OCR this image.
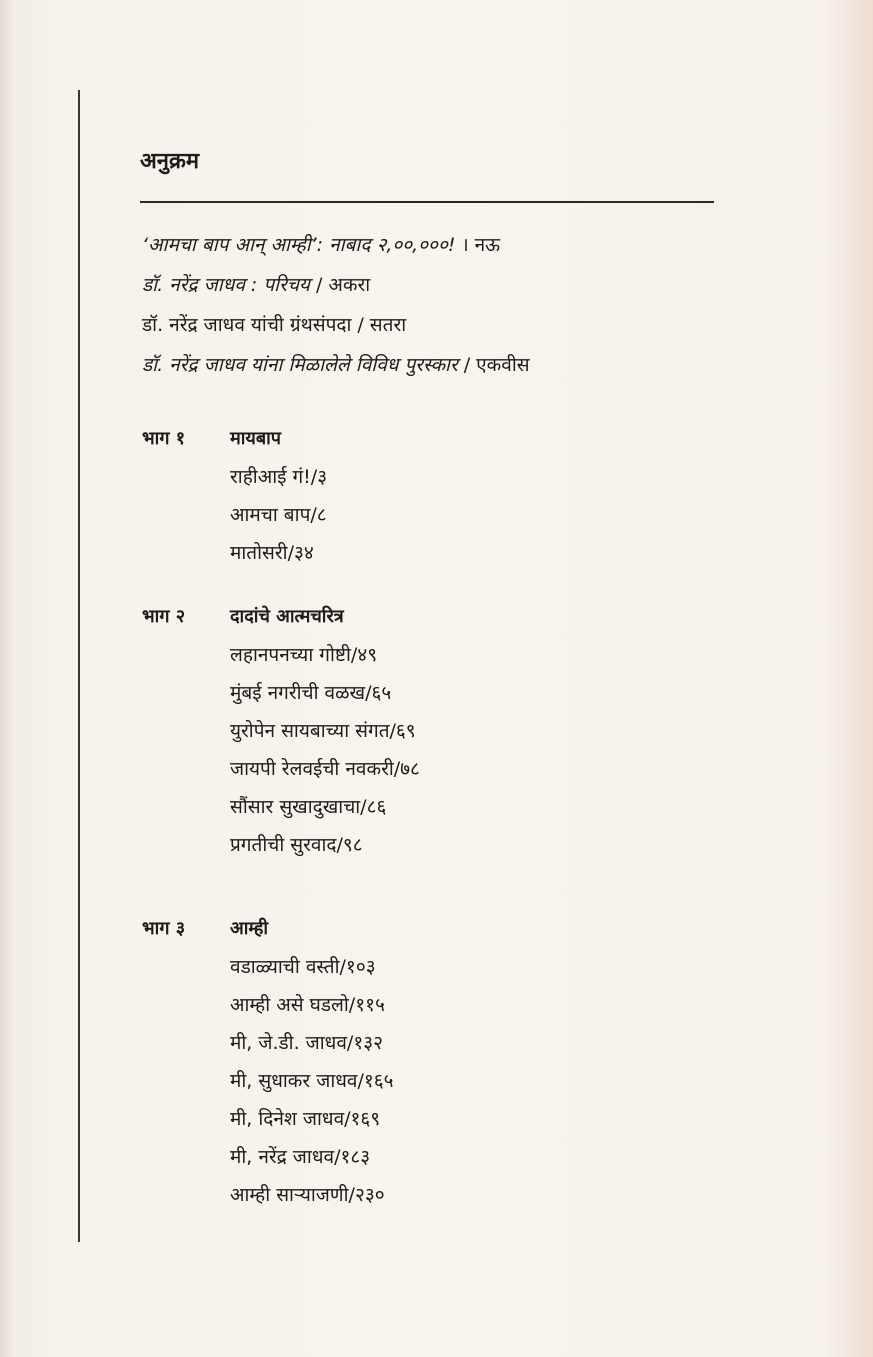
अनुक्रम
‘आमचा बाप आन् आम्ही’: नाबाद २,००,०००! । नऊ
डॉ. नरेंद्र जाधव : परिचय / अकरा
डॉ. नरेंद्र जाधव यांची ग्रंथसंपदा / सतरा
डॉ. नरेंद्र जाधव यांना मिळालेले विविध पुरस्कार / एकवीस
भाग १ मायबाप
राहीआई गं!/३
आमचा बाप/८
मातोसरी/३४
भाग २ दादांचे आत्मचरित्र
लहानपनच्या गोष्टी/४९
मुंबई नगरीची वळख/६५
युरोपेन सायबाच्या संगत/६९
जायपी रेलवईची नवकरी/७८
सौंसार सुखादुखाचा/८६
प्रगतीची सुरवाद/९८
भाग ३ आम्ही
वडाळ्याची वस्ती/१०३
आम्ही असे घडलो/११५
मी, जे.डी. जाधव/१३२
मी, सुधाकर जाधव/१६५
मी, दिनेश जाधव/१६९
मी, नरेंद्र जाधव/१८३
आम्ही साऱ्याजणी/२३०
